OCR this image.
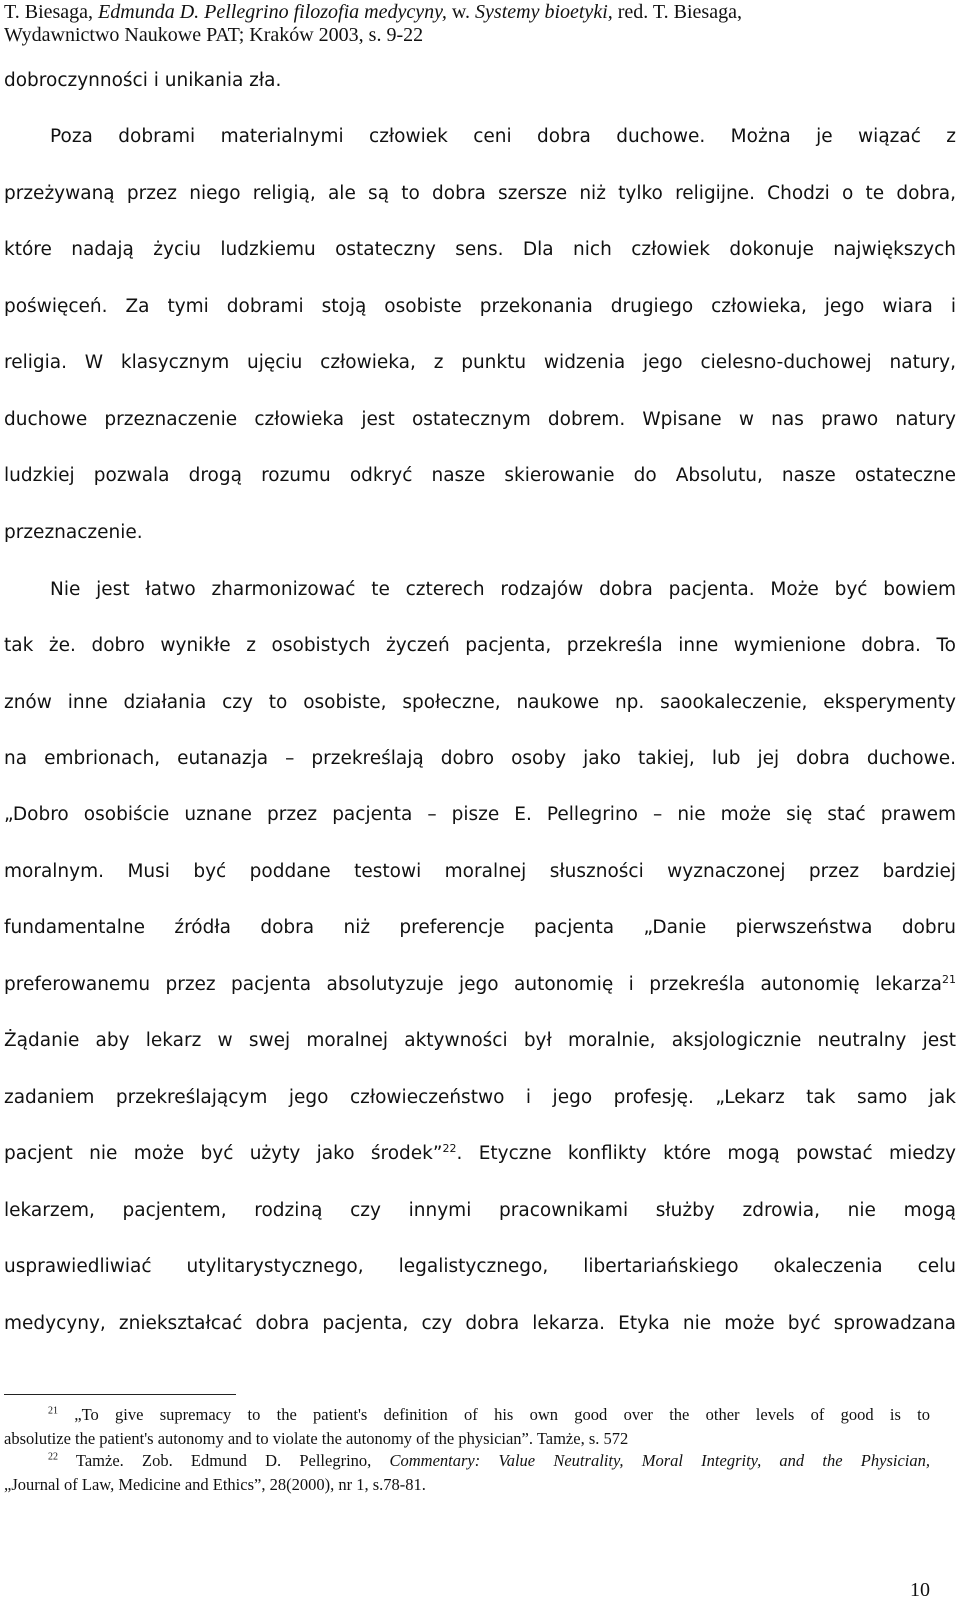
T. Biesaga, Edmunda D. Pellegrino filozofia medycyny, w. Systemy bioetyki, red. T. Biesaga,
Wydawnictwo Naukowe PAT; Kraków 2003, s. 9-22
dobroczynności i unikania zła.
Poza dobrami materialnymi człowiek ceni dobra duchowe. Można je wiązać z
przeżywaną przez niego religią, ale są to dobra szersze niż tylko religijne. Chodzi o te dobra,
które nadają życiu ludzkiemu ostateczny sens. Dla nich człowiek dokonuje największych
poświęceń. Za tymi dobrami stoją osobiste przekonania drugiego człowieka, jego wiara i
religia. W klasycznym ujęciu człowieka, z punktu widzenia jego cielesno-duchowej natury,
duchowe przeznaczenie człowieka jest ostatecznym dobrem. Wpisane w nas prawo natury
ludzkiej pozwala drogą rozumu odkryć nasze skierowanie do Absolutu, nasze ostateczne
przeznaczenie.
Nie jest łatwo zharmonizować te czterech rodzajów dobra pacjenta. Może być bowiem
tak że. dobro wynikłe z osobistych życzeń pacjenta, przekreśla inne wymienione dobra. To
znów inne działania czy to osobiste, społeczne, naukowe np. saookaleczenie, eksperymenty
na embrionach, eutanazja – przekreślają dobro osoby jako takiej, lub jej dobra duchowe.
„Dobro osobiście uznane przez pacjenta – pisze E. Pellegrino – nie może się stać prawem
moralnym. Musi być poddane testowi moralnej słuszności wyznaczonej przez bardziej
fundamentalne źródła dobra niż preferencje pacjenta „Danie pierwszeństwa dobru
preferowanemu przez pacjenta absolutyzuje jego autonomię i przekreśla autonomię lekarza$^{21}$
Żądanie aby lekarz w swej moralnej aktywności był moralnie, aksjologicznie neutralny jest
zadaniem przekreślającym jego człowieczeństwo i jego profesję. „Lekarz tak samo jak
pacjent nie może być użyty jako środek”$^{22}$. Etyczne konflikty które mogą powstać miedzy
lekarzem, pacjentem, rodziną czy innymi pracownikami służby zdrowia, nie mogą
usprawiedliwiać utylitarystycznego, legalistycznego, libertariańskiego okaleczenia celu
medycyny, zniekształcać dobra pacjenta, czy dobra lekarza. Etyka nie może być sprowadzana
$^{21}$ „To give supremacy to the patient's definition of his own good over the other levels of good is to
absolutize the patient's autonomy and to violate the autonomy of the physician”. Tamże, s. 572
$^{22}$ Tamże. Zob. Edmund D. Pellegrino, Commentary: Value Neutrality, Moral Integrity, and the Physician,
„Journal of Law, Medicine and Ethics”, 28(2000), nr 1, s.78-81.
10
